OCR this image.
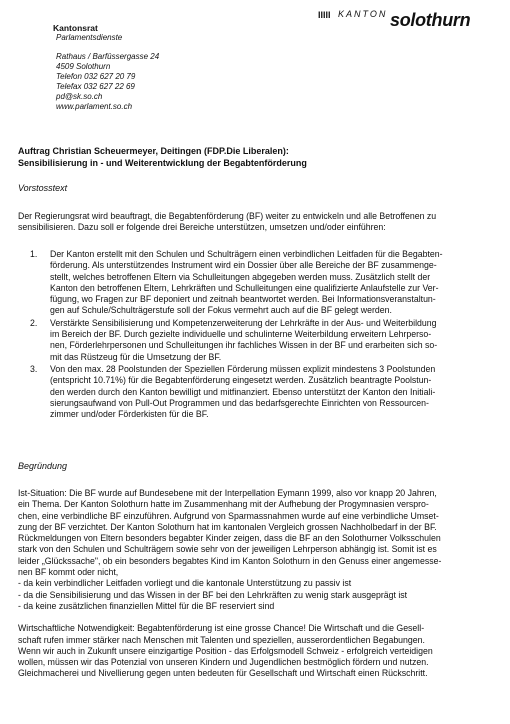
IIIII KANTON solothurn
Kantonsrat
Parlamentsdienste
Rathaus / Barfüssergasse 24
4509 Solothurn
Telefon 032 627 20 79
Telefax 032 627 22 69
pd@sk.so.ch
www.parlament.so.ch
Auftrag Christian Scheuermeyer, Deitingen (FDP.Die Liberalen):
Sensibilisierung in - und Weiterentwicklung der Begabtenförderung
Vorstosstext

Der Regierungsrat wird beauftragt, die Begabtenförderung (BF) weiter zu entwickeln und alle Betroffenen zu

sensibilisieren. Dazu soll er folgende drei Bereiche unterstützen, umsetzen und/oder einführen:

1. Der Kanton erstellt mit den Schulen und Schulträgern einen verbindlichen Leitfaden für die Begabten-
förderung. Als unterstützendes Instrument wird ein Dossier über alle Bereiche der BF zusammenge-
stellt, welches betroffenen Eltern via Schulleitungen abgegeben werden muss. Zusätzlich stellt der
Kanton den betroffenen Eltern, Lehrkräften und Schulleitungen eine qualifizierte Anlaufstelle zur Ver-
fügung, wo Fragen zur BF deponiert und zeitnah beantwortet werden. Bei Informationsveranstaltun-
gen auf Schule/Schulträgerstufe soll der Fokus vermehrt auch auf die BF gelegt werden.
2. Verstärkte Sensibilisierung und Kompetenzerweiterung der Lehrkräfte in der Aus- und Weiterbildung
im Bereich der BF. Durch gezielte individuelle und schulinterne Weiterbildung erweitern Lehrperso-
nen, Förderlehrpersonen und Schulleitungen ihr fachliches Wissen in der BF und erarbeiten sich so-
mit das Rüstzeug für die Umsetzung der BF.
3. Von den max. 28 Poolstunden der Speziellen Förderung müssen explizit mindestens 3 Poolstunden
(entspricht 10.71%) für die Begabtenförderung eingesetzt werden. Zusätzlich beantragte Poolstun-
den werden durch den Kanton bewilligt und mitfinanziert. Ebenso unterstützt der Kanton den Initiali-
sierungsaufwand von Pull-Out Programmen und das bedarfsgerechte Einrichten von Ressourcen-
zimmer und/oder Förderkisten für die BF.
Begründung

Ist-Situation: Die BF wurde auf Bundesebene mit der Interpellation Eymann 1999, also vor knapp 20 Jahren,

ein Thema. Der Kanton Solothurn hatte im Zusammenhang mit der Aufhebung der Progymnasien verspro-

chen, eine verbindliche BF einzuführen. Aufgrund von Sparmassnahmen wurde auf eine verbindliche Umset-

zung der BF verzichtet. Der Kanton Solothurn hat im kantonalen Vergleich grossen Nachholbedarf in der BF.

Rückmeldungen von Eltern besonders begabter Kinder zeigen, dass die BF an den Solothurner Volksschulen

stark von den Schulen und Schulträgern sowie sehr von der jeweiligen Lehrperson abhängig ist. Somit ist es

leider „Glückssache", ob ein besonders begabtes Kind im Kanton Solothurn in den Genuss einer angemesse-

nen BF kommt oder nicht,

- da kein verbindlicher Leitfaden vorliegt und die kantonale Unterstützung zu passiv ist

- da die Sensibilisierung und das Wissen in der BF bei den Lehrkräften zu wenig stark ausgeprägt ist

- da keine zusätzlichen finanziellen Mittel für die BF reserviert sind

Wirtschaftliche Notwendigkeit: Begabtenförderung ist eine grosse Chance! Die Wirtschaft und die Gesell-

schaft rufen immer stärker nach Menschen mit Talenten und speziellen, ausserordentlichen Begabungen.

Wenn wir auch in Zukunft unsere einzigartige Position - das Erfolgsmodell Schweiz - erfolgreich verteidigen

wollen, müssen wir das Potenzial von unseren Kindern und Jugendlichen bestmöglich fördern und nutzen.

Gleichmacherei und Nivellierung gegen unten bedeuten für Gesellschaft und Wirtschaft einen Rückschritt.
